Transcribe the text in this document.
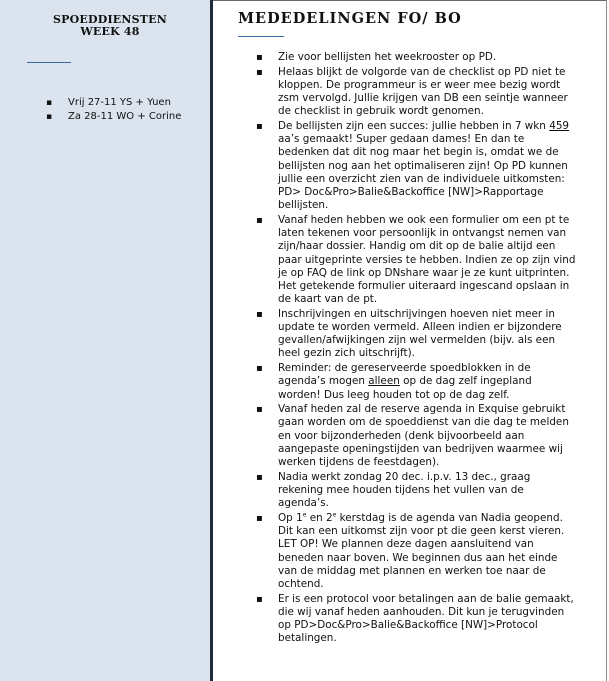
SPOEDDIENSTEN
WEEK 48
▪ Vrij 27-11 YS + Yuen
▪ Za 28-11 WO + Corine
MEDEDELINGEN FO/ BO
▪ Zie voor bellijsten het weekrooster op PD.
▪ Helaas blijkt de volgorde van de checklist op PD niet te kloppen. De programmeur is er weer mee bezig wordt zsm vervolgd. Jullie krijgen van DB een seintje wanneer de checklist in gebruik wordt genomen.
▪ De bellijsten zijn een succes: jullie hebben in 7 wkn 459 aa’s gemaakt! Super gedaan dames! En dan te bedenken dat dit nog maar het begin is, omdat we de bellijsten nog aan het optimaliseren zijn! Op PD kunnen jullie een overzicht zien van de individuele uitkomsten: PD> Doc&Pro>Balie&Backoffice [NW]>Rapportage bellijsten.
▪ Vanaf heden hebben we ook een formulier om een pt te laten tekenen voor persoonlijk in ontvangst nemen van zijn/haar dossier. Handig om dit op de balie altijd een paar uitgeprinte versies te hebben. Indien ze op zijn vind je op FAQ de link op DNshare waar je ze kunt uitprinten. Het getekende formulier uiteraard ingescand opslaan in de kaart van de pt.
▪ Inschrijvingen en uitschrijvingen hoeven niet meer in update te worden vermeld. Alleen indien er bijzondere gevallen/afwijkingen zijn wel vermelden (bijv. als een heel gezin zich uitschrijft).
▪ Reminder: de gereserveerde spoedblokken in de agenda’s mogen alleen op de dag zelf ingepland worden! Dus leeg houden tot op de dag zelf.
▪ Vanaf heden zal de reserve agenda in Exquise gebruikt gaan worden om de spoeddienst van die dag te melden en voor bijzonderheden (denk bijvoorbeeld aan aangepaste openingstijden van bedrijven waarmee wij werken tijdens de feestdagen).
▪ Nadia werkt zondag 20 dec. i.p.v. 13 dec., graag rekening mee houden tijdens het vullen van de agenda’s.
▪ Op 1e en 2e kerstdag is de agenda van Nadia geopend. Dit kan een uitkomst zijn voor pt die geen kerst vieren. LET OP! We plannen deze dagen aansluitend van beneden naar boven. We beginnen dus aan het einde van de middag met plannen en werken toe naar de ochtend.
▪ Er is een protocol voor betalingen aan de balie gemaakt, die wij vanaf heden aanhouden. Dit kun je terugvinden op PD>Doc&Pro>Balie&Backoffice [NW]>Protocol betalingen.
